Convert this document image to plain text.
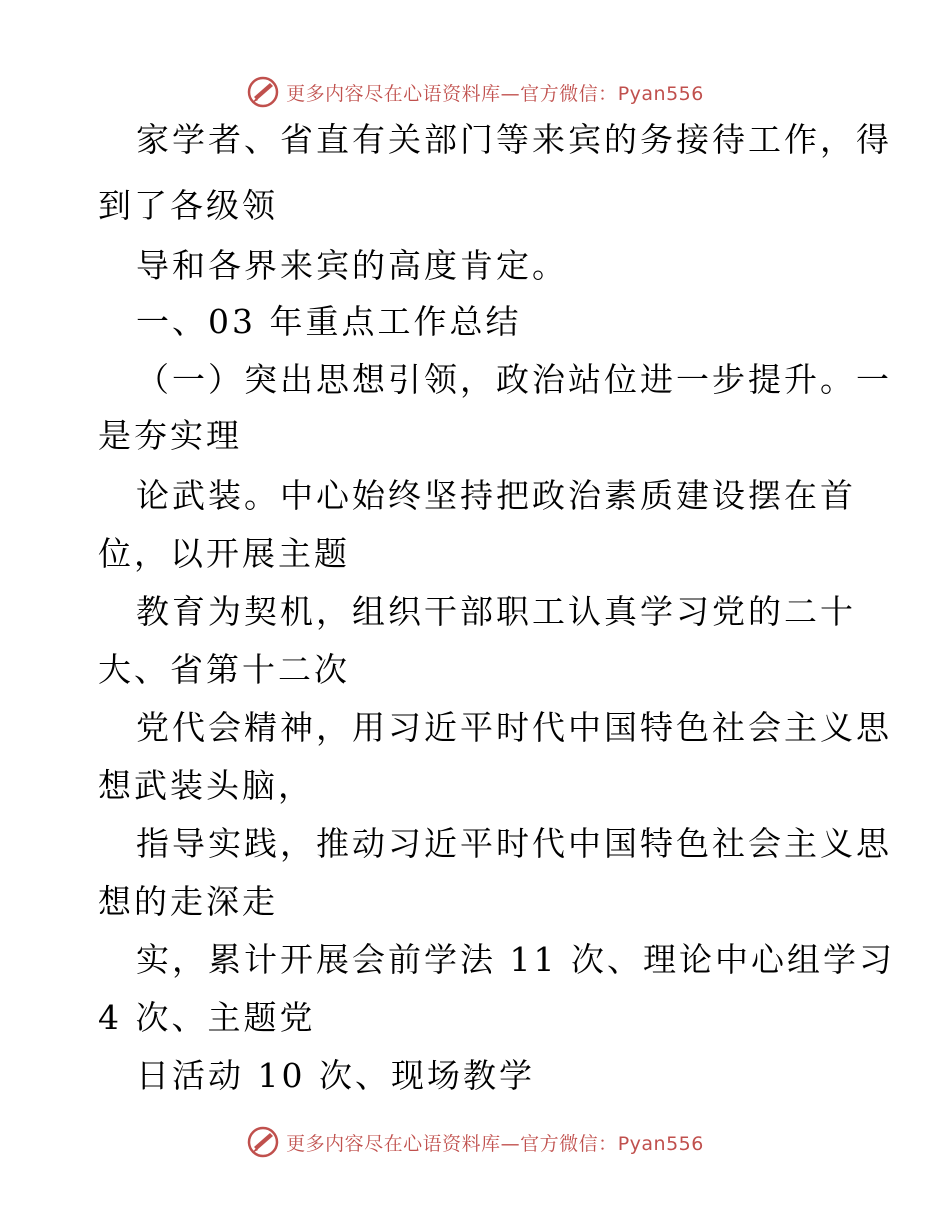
更多内容尽在心语资料库—官方微信：Pyan556
家学者、省直有关部门等来宾的务接待工作，得
到了各级领
导和各界来宾的高度肯定。
一、03 年重点工作总结
（一）突出思想引领，政治站位进一步提升。一
是夯实理
论武装。中心始终坚持把政治素质建设摆在首
位，以开展主题
教育为契机，组织干部职工认真学习党的二十
大、省第十二次
党代会精神，用习近平时代中国特色社会主义思
想武装头脑，
指导实践，推动习近平时代中国特色社会主义思
想的走深走
实，累计开展会前学法 11 次、理论中心组学习
4 次、主题党
日活动 10 次、现场教学
更多内容尽在心语资料库—官方微信：Pyan556
